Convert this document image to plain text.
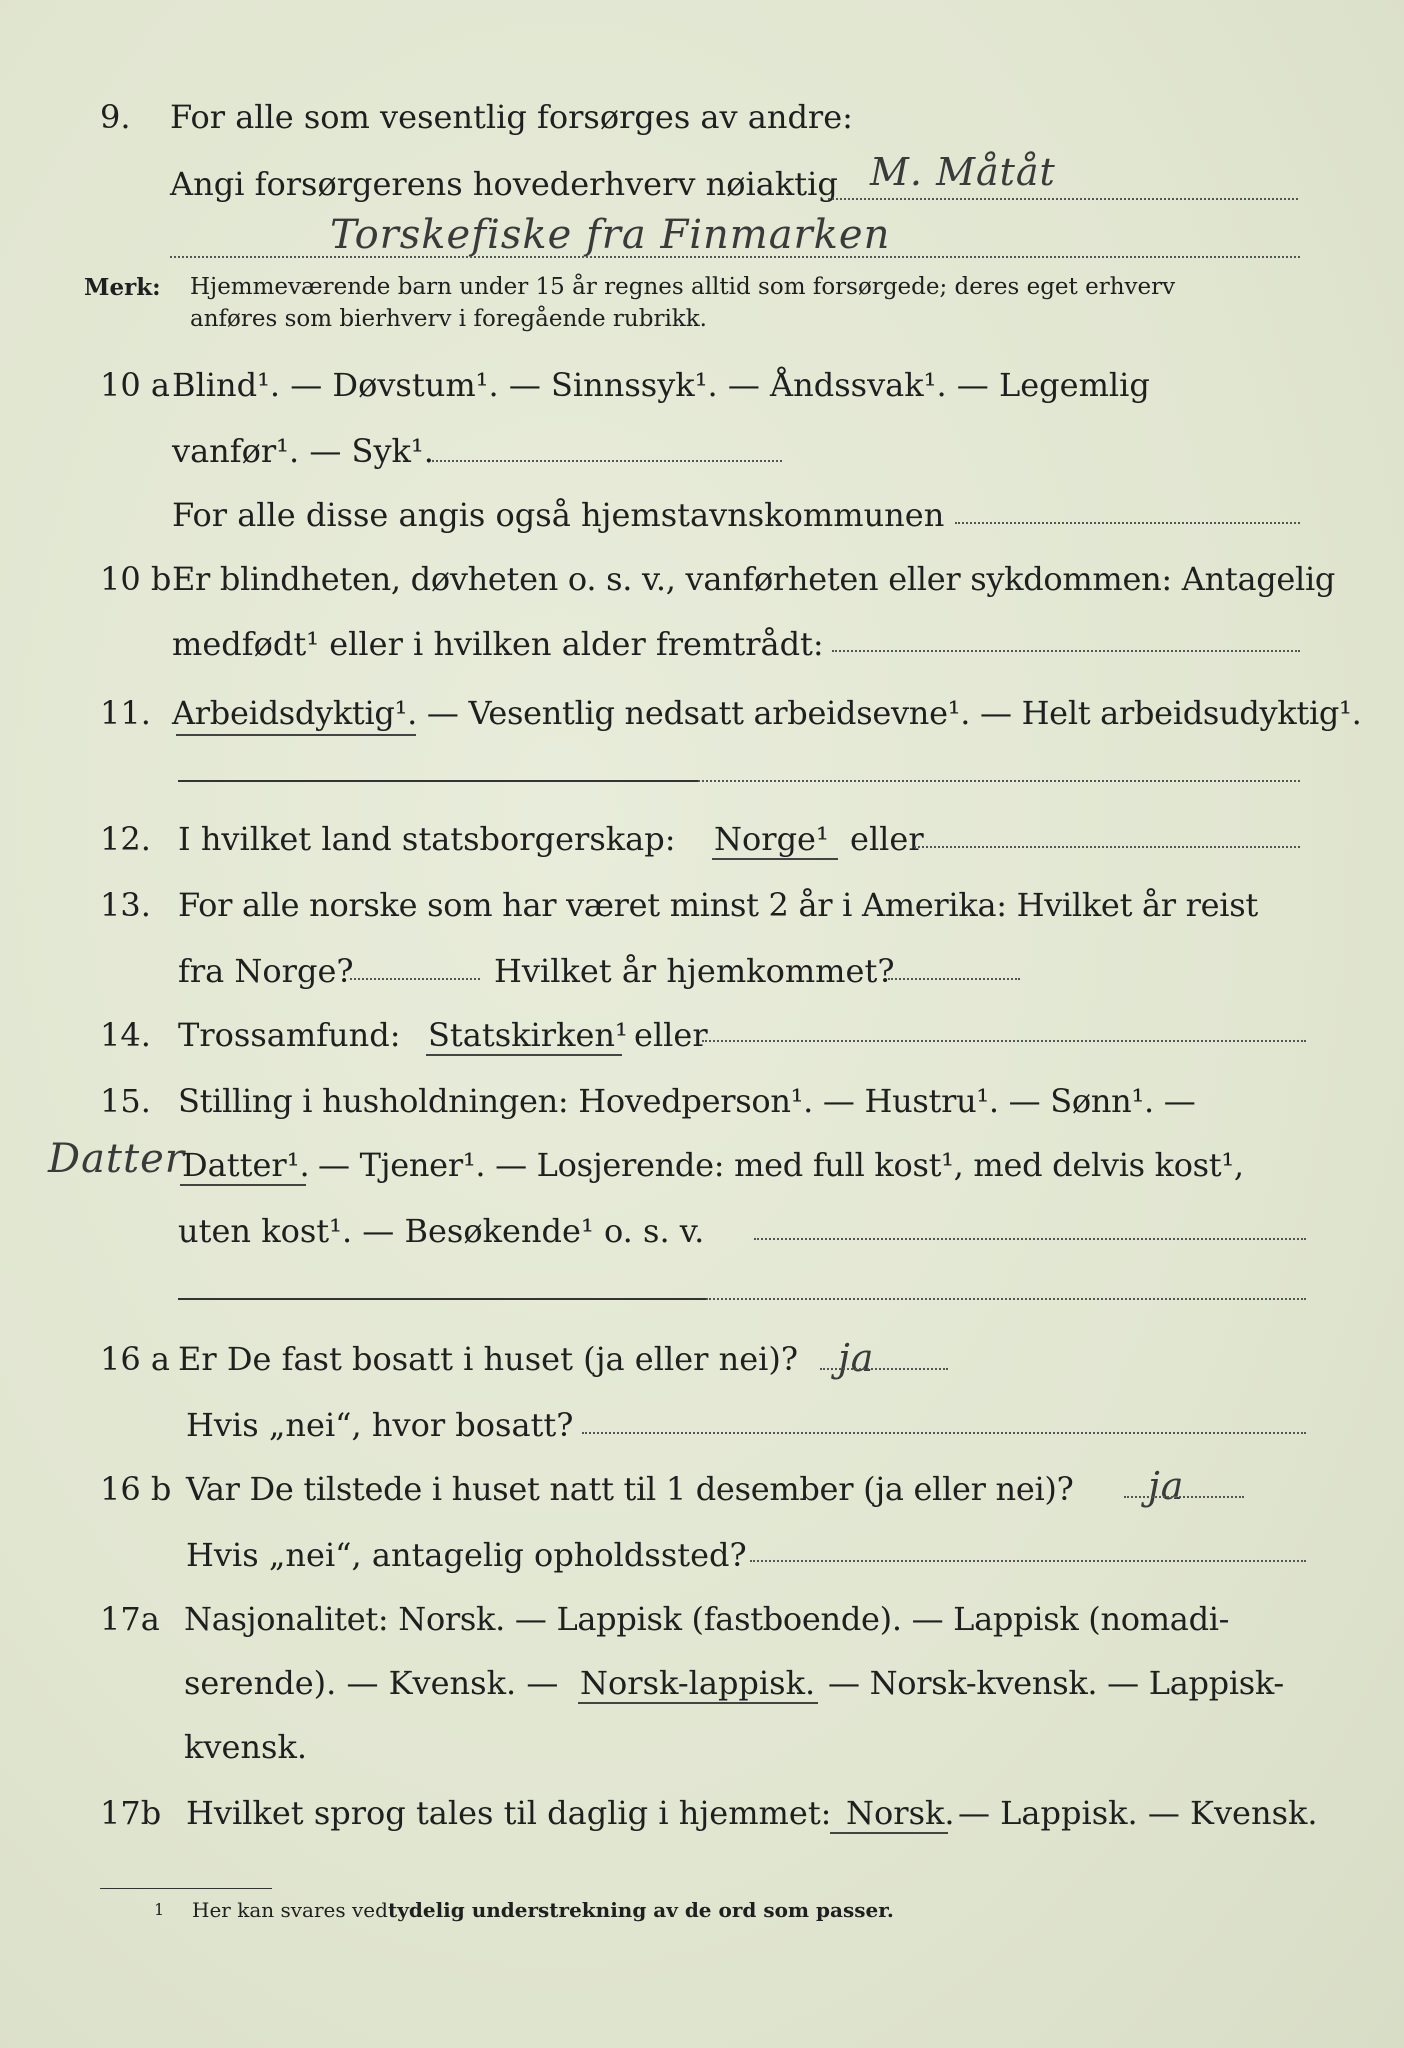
9. For alle som vesentlig forsørges av andre:
Angi forsørgerens hovederhverv nøiaktig M. Måtåt
Torskefiske fra Finmarken
Merk: Hjemmeværende barn under 15 år regnes alltid som forsørgede; deres eget erhverv
anføres som bierhverv i foregående rubrikk.
10 a Blind¹. — Døvstum¹. — Sinnssyk¹. — Åndssvak¹. — Legemlig
vanfør¹. — Syk¹.
For alle disse angis også hjemstavnskommunen
10 b Er blindheten, døvheten o. s. v., vanførheten eller sykdommen: Antagelig
medfødt¹ eller i hvilken alder fremtrådt:
11. Arbeidsdyktig¹. — Vesentlig nedsatt arbeidsevne¹. — Helt arbeidsudyktig¹.
12. I hvilket land statsborgerskap: Norge¹ eller
13. For alle norske som har været minst 2 år i Amerika: Hvilket år reist
fra Norge?	Hvilket år hjemkommet?
14. Trossamfund: Statskirken¹ eller
15. Stilling i husholdningen: Hovedperson¹. — Hustru¹. — Sønn¹. —
Datter
Datter¹. — Tjener¹. — Losjerende: med full kost¹, med delvis kost¹,
uten kost¹. — Besøkende¹ o. s. v.
16 a Er De fast bosatt i huset (ja eller nei)? ja
Hvis „nei“, hvor bosatt?
16 b Var De tilstede i huset natt til 1 desember (ja eller nei)? ja
Hvis „nei“, antagelig opholdssted?
17a Nasjonalitet: Norsk. — Lappisk (fastboende). — Lappisk (nomadi-
serende). — Kvensk. — Norsk-lappisk. — Norsk-kvensk. — Lappisk-
kvensk.
17b Hvilket sprog tales til daglig i hjemmet: Norsk. — Lappisk. — Kvensk.
1 Her kan svares ved tydelig understrekning av de ord som passer.
